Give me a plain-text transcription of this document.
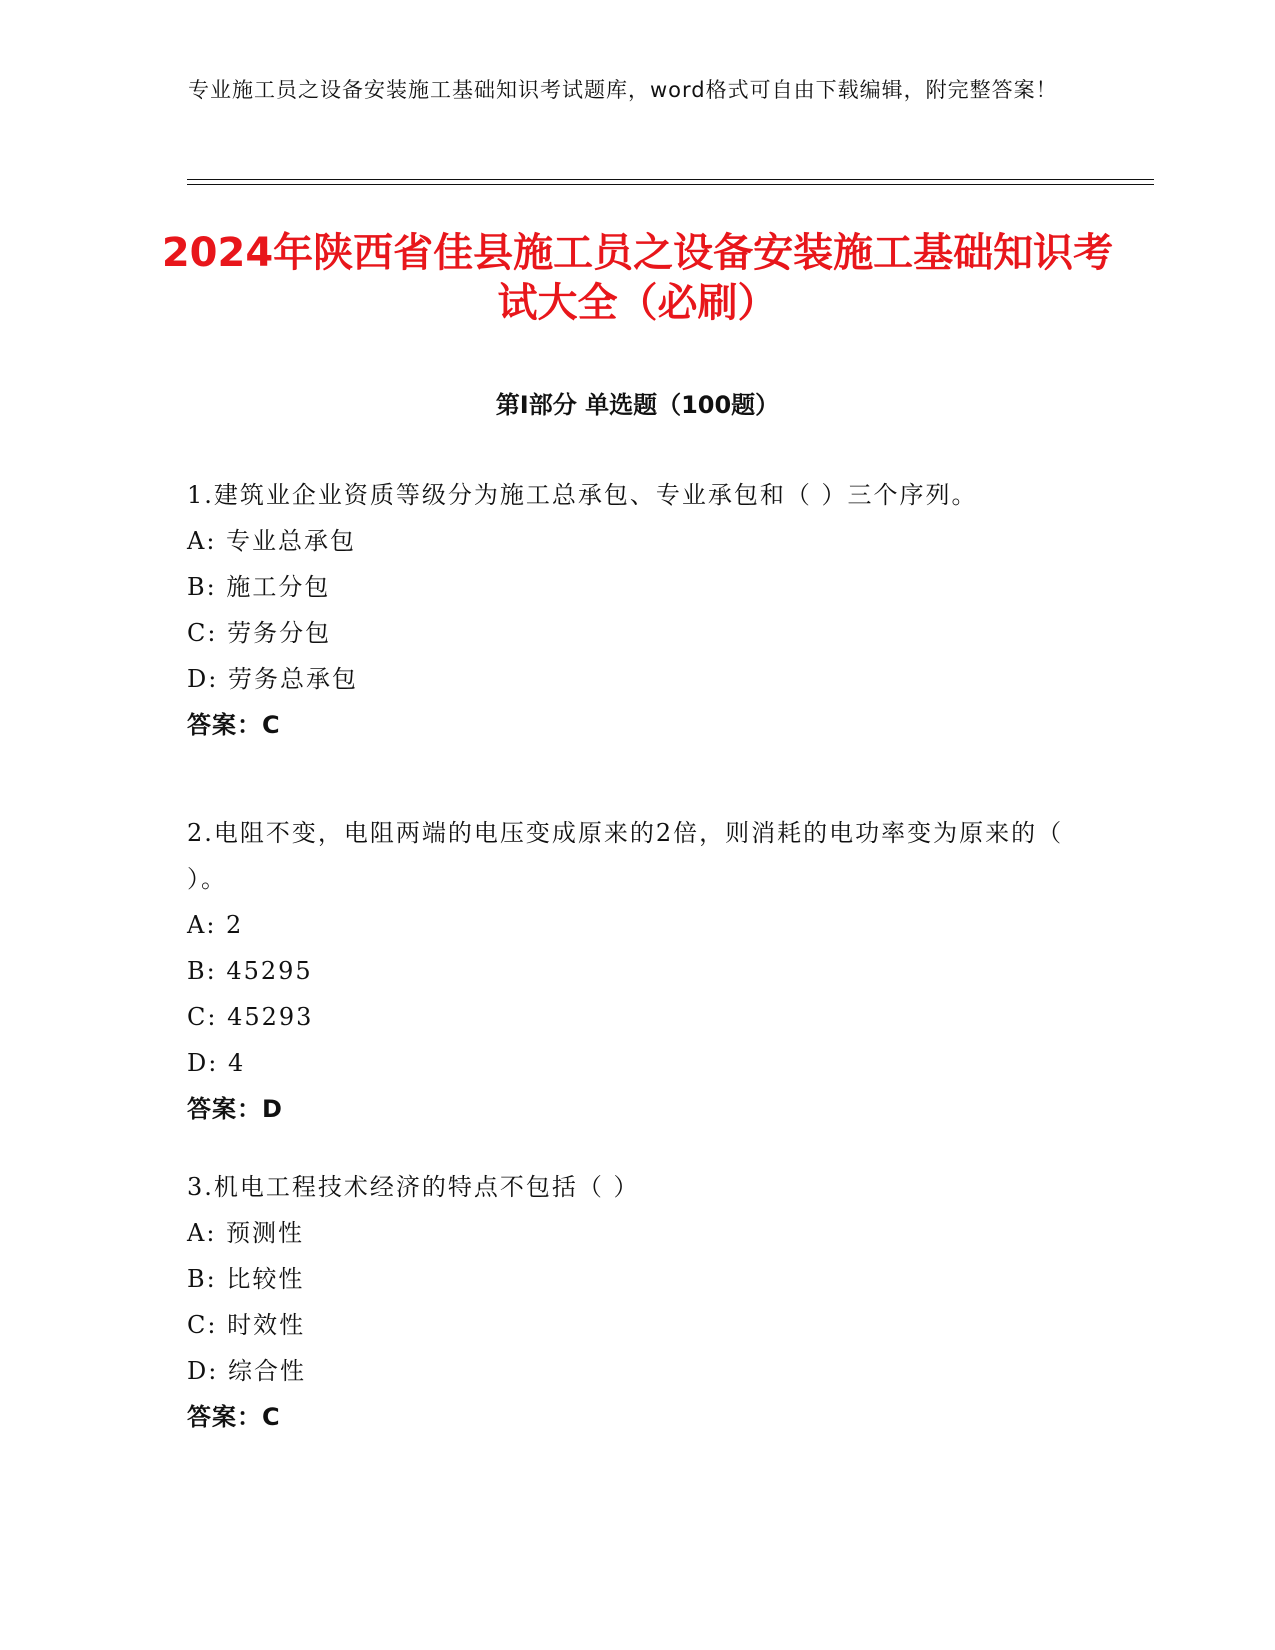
专业施工员之设备安装施工基础知识考试题库，word格式可自由下载编辑，附完整答案！
2024年陕西省佳县施工员之设备安装施工基础知识考试大全（必刷）
第Ⅰ部分 单选题（100题）
1.建筑业企业资质等级分为施工总承包、专业承包和（ ）三个序列。
A: 专业总承包
B: 施工分包
C: 劳务分包
D: 劳务总承包
答案：C
2.电阻不变，电阻两端的电压变成原来的2倍，则消耗的电功率变为原来的（ ）。
A: 2
B: 45295
C: 45293
D: 4
答案：D
3.机电工程技术经济的特点不包括（ ）
A: 预测性
B: 比较性
C: 时效性
D: 综合性
答案：C
